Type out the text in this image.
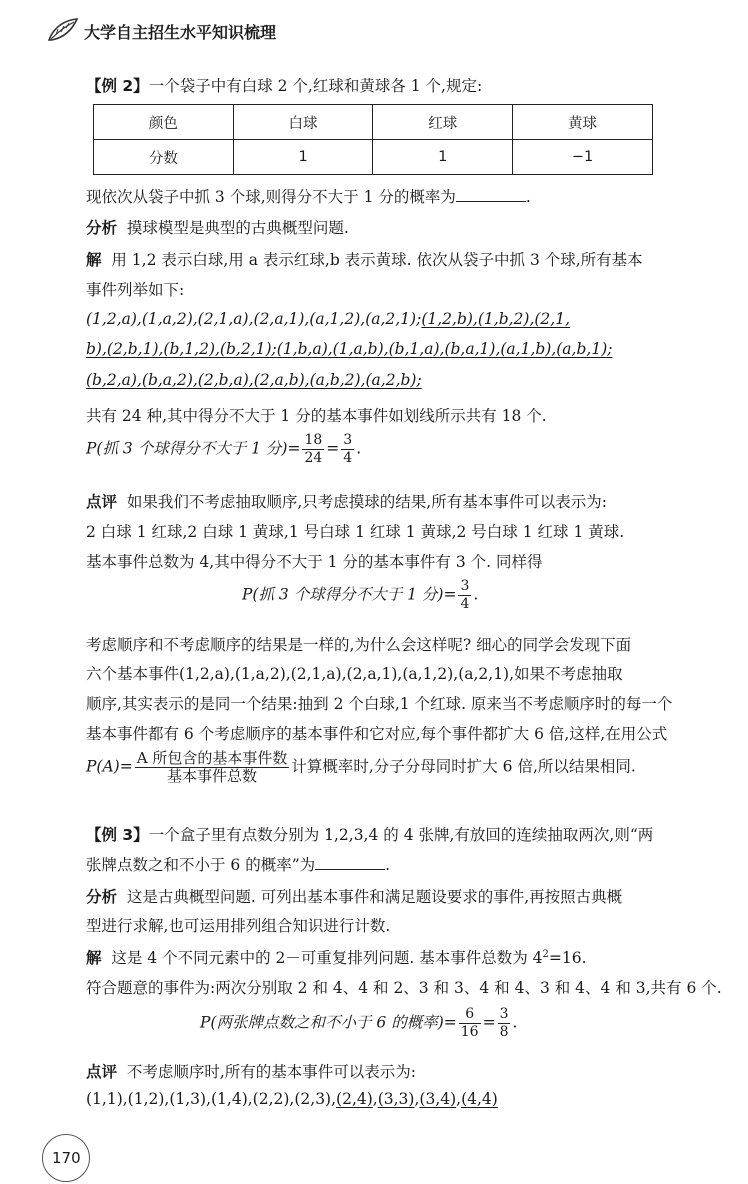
大学自主招生水平知识梳理
【例 2】一个袋子中有白球 2 个,红球和黄球各 1 个,规定:
颜色	白球	红球	黄球
分数	1	1	−1
现依次从袋子中抓 3 个球,则得分不大于 1 分的概率为	.
分析 摸球模型是典型的古典概型问题.
解 用 1,2 表示白球,用 a 表示红球,b 表示黄球. 依次从袋子中抓 3 个球,所有基本
事件列举如下:
(1,2,a),(1,a,2),(2,1,a),(2,a,1),(a,1,2),(a,2,1);(1,2,b),(1,b,2),(2,1,
b),(2,b,1),(b,1,2),(b,2,1);(1,b,a),(1,a,b),(b,1,a),(b,a,1),(a,1,b),(a,b,1);
(b,2,a),(b,a,2),(2,b,a),(2,a,b),(a,b,2),(a,2,b);
共有 24 种,其中得分不大于 1 分的基本事件如划线所示共有 18 个.
P(抓 3 个球得分不大于 1 分)= $\frac{18}{24} = \frac{3}{4}$ .
点评 如果我们不考虑抽取顺序,只考虑摸球的结果,所有基本事件可以表示为:
2 白球 1 红球,2 白球 1 黄球,1 号白球 1 红球 1 黄球,2 号白球 1 红球 1 黄球.
基本事件总数为 4,其中得分不大于 1 分的基本事件有 3 个. 同样得
P(抓 3 个球得分不大于 1 分)= $\frac{3}{4}$ .
考虑顺序和不考虑顺序的结果是一样的,为什么会这样呢? 细心的同学会发现下面
六个基本事件(1,2,a),(1,a,2),(2,1,a),(2,a,1),(a,1,2),(a,2,1),如果不考虑抽取
顺序,其实表示的是同一个结果:抽到 2 个白球,1 个红球. 原来当不考虑顺序时的每一个
基本事件都有 6 个考虑顺序的基本事件和它对应,每个事件都扩大 6 倍,这样,在用公式
$P(A)= \frac{\text{A 所包含的基本事件数}}{\text{基本事件总数}}$ 计算概率时,分子分母同时扩大 6 倍,所以结果相同.
【例 3】一个盒子里有点数分别为 1,2,3,4 的 4 张牌,有放回的连续抽取两次,则“两
张牌点数之和不小于 6 的概率”为	.
分析 这是古典概型问题. 可列出基本事件和满足题设要求的事件,再按照古典概
型进行求解,也可运用排列组合知识进行计数.
解 这是 4 个不同元素中的 2－可重复排列问题. 基本事件总数为 $4^2=16$.
符合题意的事件为:两次分别取 2 和 4、4 和 2、3 和 3、4 和 4、3 和 4、4 和 3,共有 6 个.
P(两张牌点数之和不小于 6 的概率)= $\frac{6}{16} = \frac{3}{8}$ .
点评 不考虑顺序时,所有的基本事件可以表示为:
(1,1),(1,2),(1,3),(1,4),(2,2),(2,3),(2,4),(3,3),(3,4),(4,4)
170
